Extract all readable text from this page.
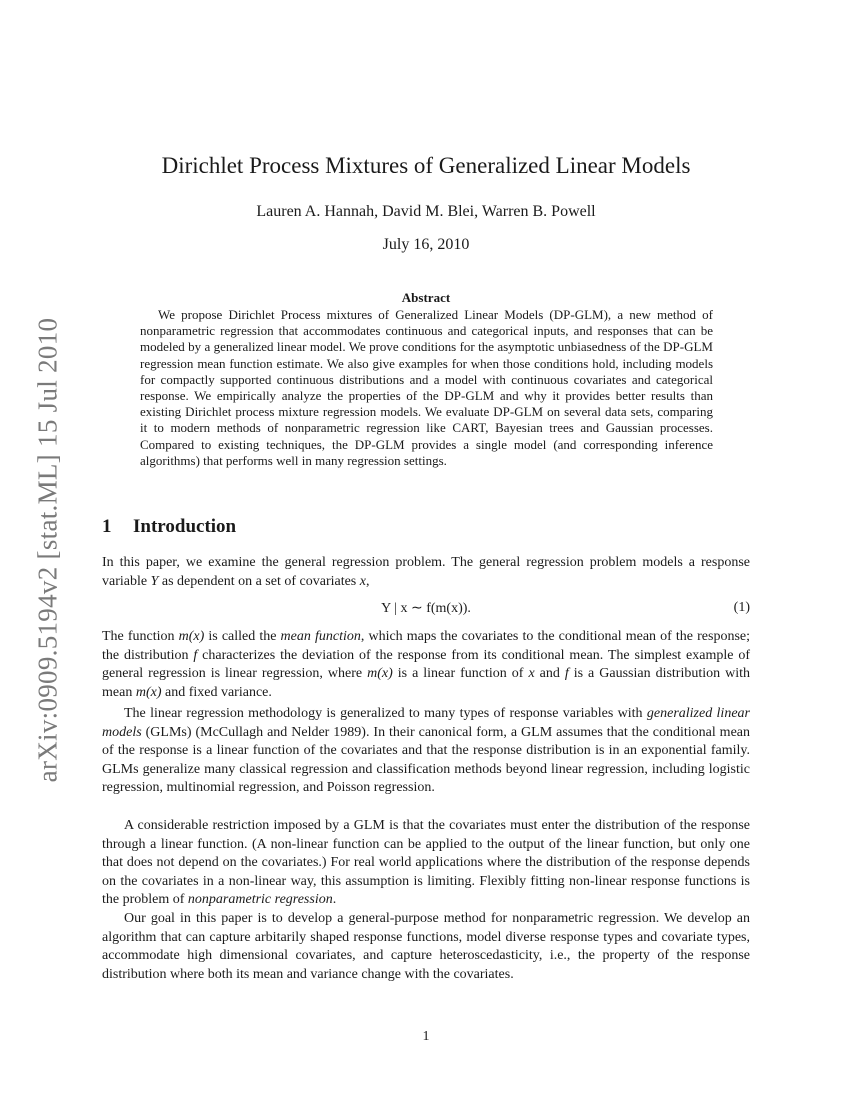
arXiv:0909.5194v2 [stat.ML] 15 Jul 2010
Dirichlet Process Mixtures of Generalized Linear Models
Lauren A. Hannah, David M. Blei, Warren B. Powell
July 16, 2010
Abstract

We propose Dirichlet Process mixtures of Generalized Linear Models (DP-GLM), a new method of nonparametric regression that accommodates continuous and categorical inputs, and responses that can be modeled by a generalized linear model. We prove conditions for the asymptotic unbiasedness of the DP-GLM regression mean function estimate. We also give examples for when those conditions hold, including models for compactly supported continuous distributions and a model with continuous covariates and categorical response. We empirically analyze the properties of the DP-GLM and why it provides better results than existing Dirichlet process mixture regression models. We evaluate DP-GLM on several data sets, comparing it to modern methods of nonparametric regression like CART, Bayesian trees and Gaussian processes. Compared to existing techniques, the DP-GLM provides a single model (and corresponding inference algorithms) that performs well in many regression settings.

1 Introduction

In this paper, we examine the general regression problem. The general regression problem models a response variable Y as dependent on a set of covariates x,

Y | x ∼ f(m(x)).	(1)

The function m(x) is called the mean function, which maps the covariates to the conditional mean of the response; the distribution f characterizes the deviation of the response from its conditional mean. The simplest example of general regression is linear regression, where m(x) is a linear function of x and f is a Gaussian distribution with mean m(x) and fixed variance.

The linear regression methodology is generalized to many types of response variables with generalized linear models (GLMs) (McCullagh and Nelder 1989). In their canonical form, a GLM assumes that the conditional mean of the response is a linear function of the covariates and that the response distribution is in an exponential family. GLMs generalize many classical regression and classification methods beyond linear regression, including logistic regression, multinomial regression, and Poisson regression.

A considerable restriction imposed by a GLM is that the covariates must enter the distribution of the response through a linear function. (A non-linear function can be applied to the output of the linear function, but only one that does not depend on the covariates.) For real world applications where the distribution of the response depends on the covariates in a non-linear way, this assumption is limiting. Flexibly fitting non-linear response functions is the problem of nonparametric regression.

Our goal in this paper is to develop a general-purpose method for nonparametric regression. We develop an algorithm that can capture arbitarily shaped response functions, model diverse response types and covariate types, accommodate high dimensional covariates, and capture heteroscedasticity, i.e., the property of the response distribution where both its mean and variance change with the covariates.

1
